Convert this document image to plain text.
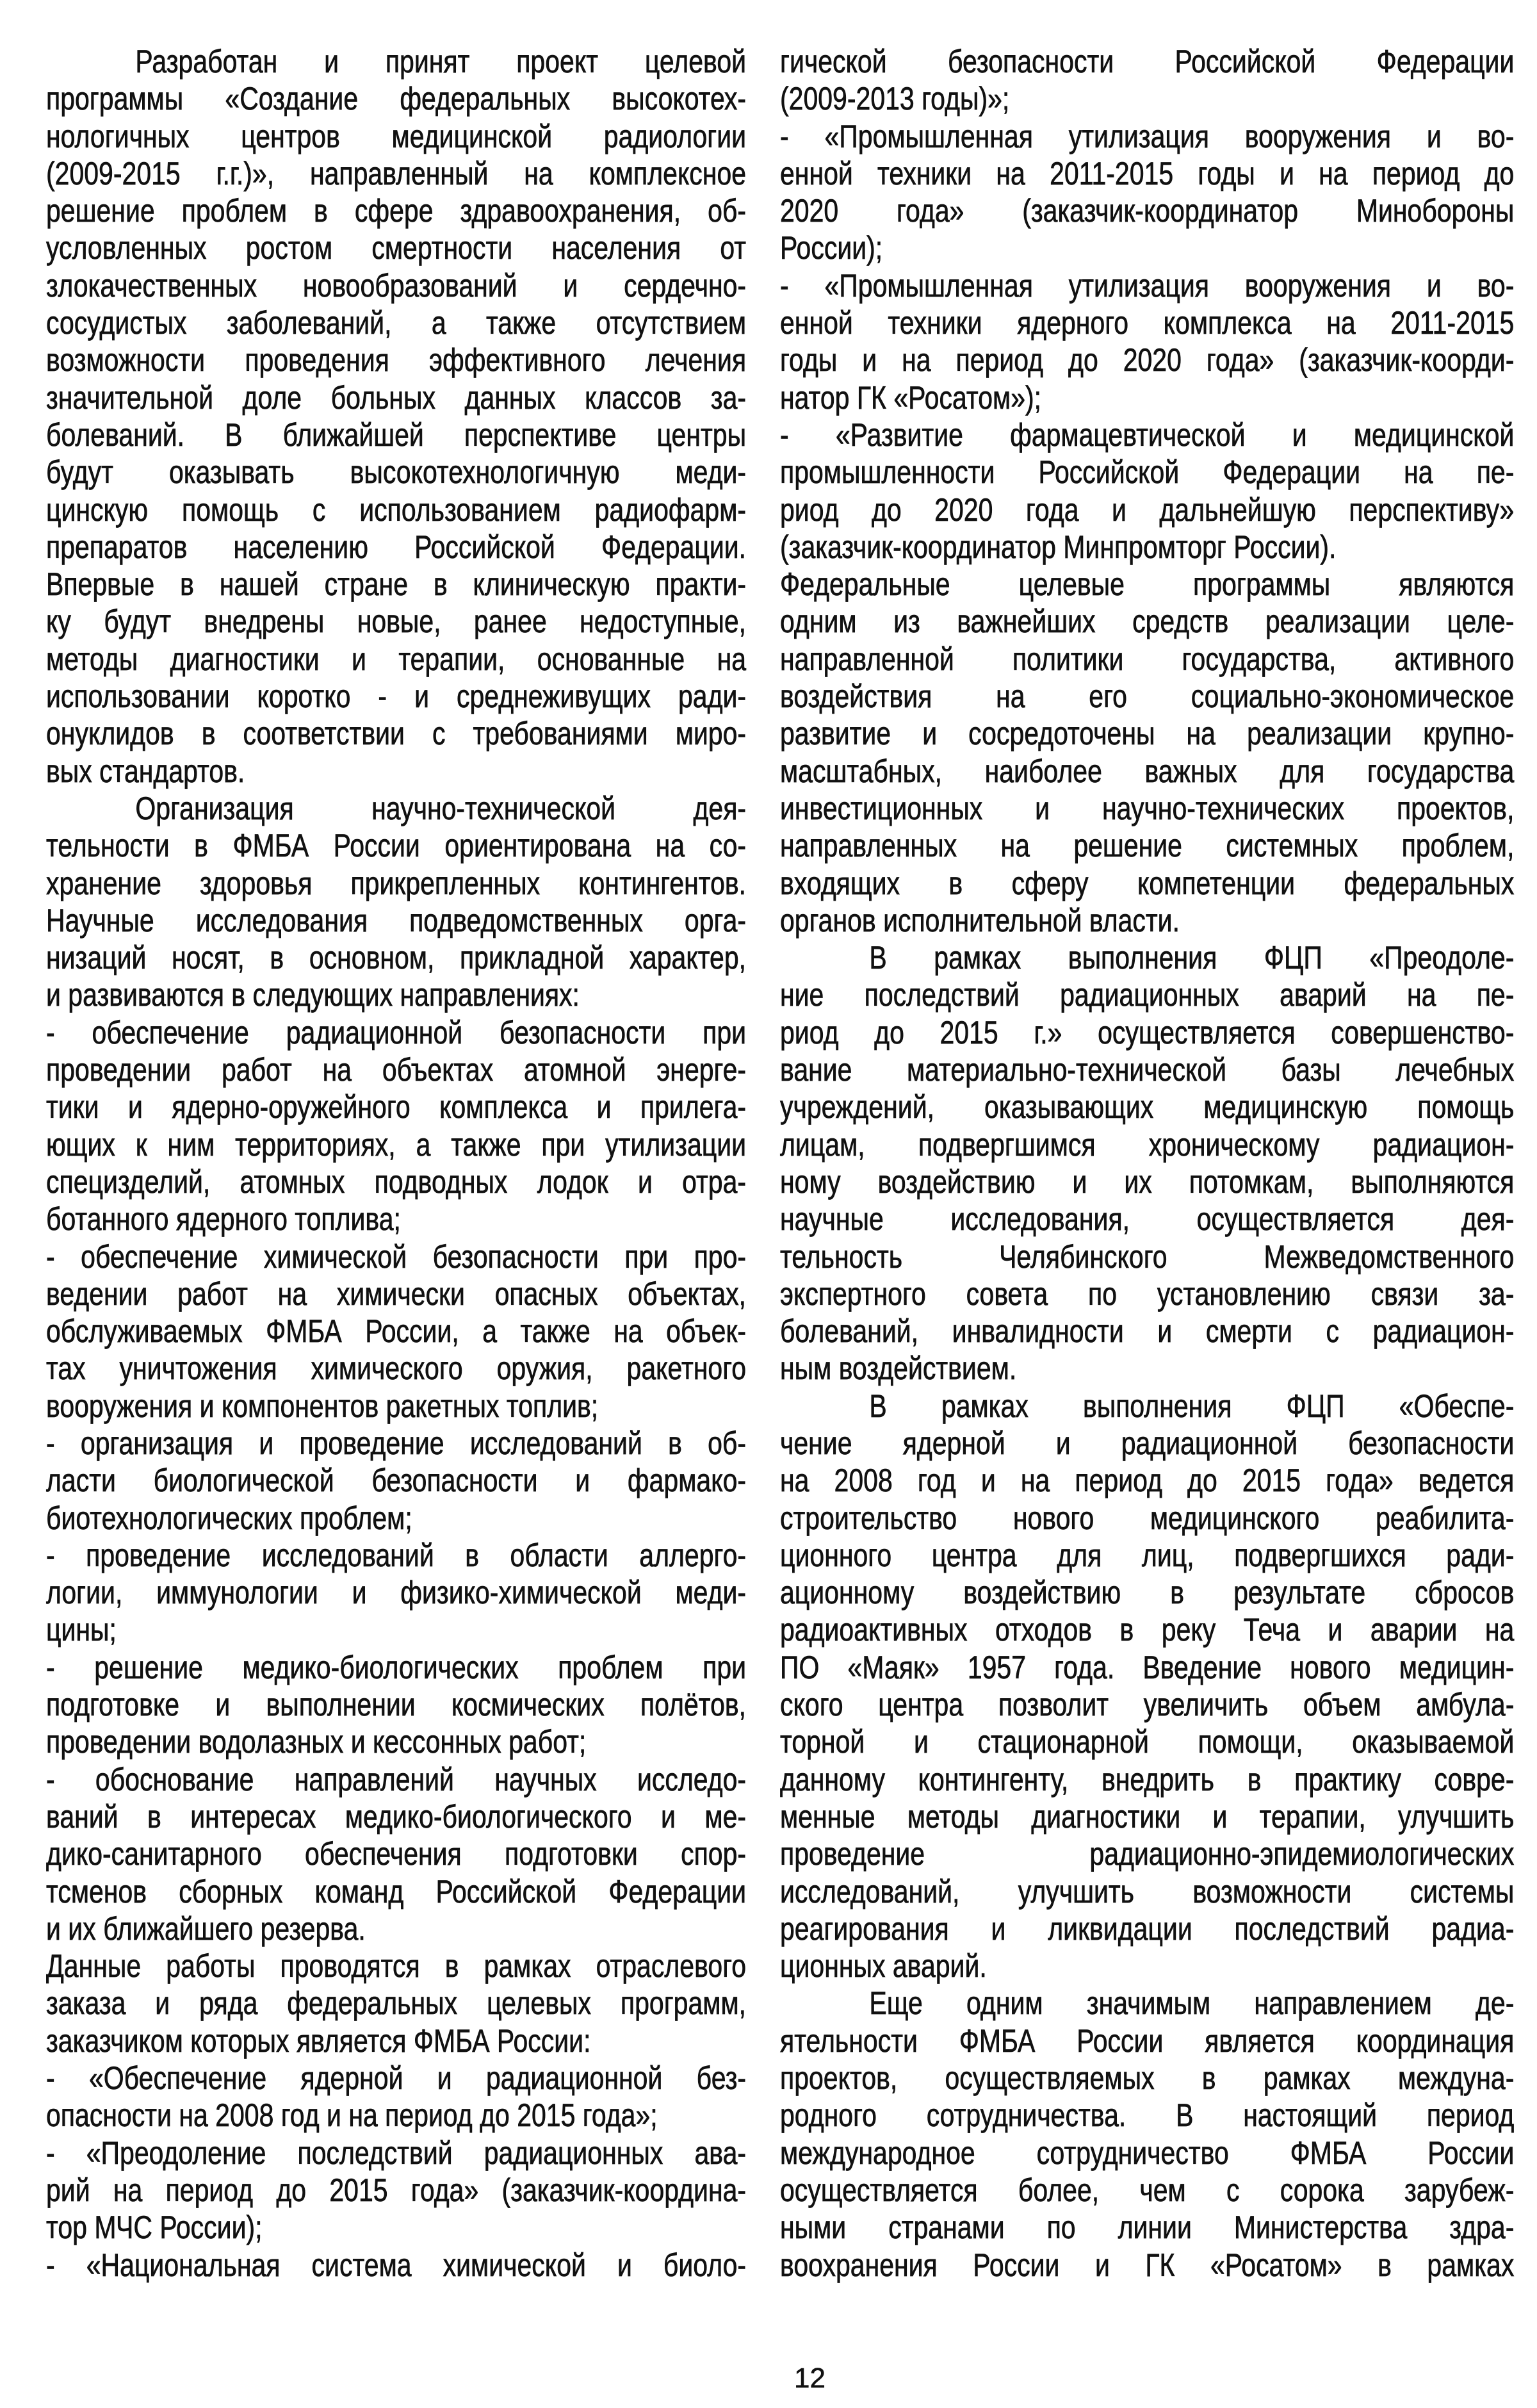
Разработан и принят проект целевой
программы «Создание федеральных высокотех-
нологичных центров медицинской радиологии
(2009-2015 г.г.)», направленный на комплексное
решение проблем в сфере здравоохранения, об-
условленных ростом смертности населения от
злокачественных новообразований и сердечно-
сосудистых заболеваний, а также отсутствием
возможности проведения эффективного лечения
значительной доле больных данных классов за-
болеваний. В ближайшей перспективе центры
будут оказывать высокотехнологичную меди-
цинскую помощь с использованием радиофарм-
препаратов населению Российской Федерации.
Впервые в нашей стране в клиническую практи-
ку будут внедрены новые, ранее недоступные,
методы диагностики и терапии, основанные на
использовании коротко - и среднеживущих ради-
онуклидов в соответствии с требованиями миро-
вых стандартов.
Организация научно-технической дея-
тельности в ФМБА России ориентирована на со-
хранение здоровья прикрепленных контингентов.
Научные исследования подведомственных орга-
низаций носят, в основном, прикладной характер,
и развиваются в следующих направлениях:
- обеспечение радиационной безопасности при
проведении работ на объектах атомной энерге-
тики и ядерно-оружейного комплекса и прилега-
ющих к ним территориях, а также при утилизации
специзделий, атомных подводных лодок и отра-
ботанного ядерного топлива;
- обеспечение химической безопасности при про-
ведении работ на химически опасных объектах,
обслуживаемых ФМБА России, а также на объек-
тах уничтожения химического оружия, ракетного
вооружения и компонентов ракетных топлив;
- организация и проведение исследований в об-
ласти биологической безопасности и фармако-
биотехнологических проблем;
- проведение исследований в области аллерго-
логии, иммунологии и физико-химической меди-
цины;
- решение медико-биологических проблем при
подготовке и выполнении космических полётов,
проведении водолазных и кессонных работ;
- обоснование направлений научных исследо-
ваний в интересах медико-биологического и ме-
дико-санитарного обеспечения подготовки спор-
тсменов сборных команд Российской Федерации
и их ближайшего резерва.
Данные работы проводятся в рамках отраслевого
заказа и ряда федеральных целевых программ,
заказчиком которых является ФМБА России:
- «Обеспечение ядерной и радиационной без-
опасности на 2008 год и на период до 2015 года»;
- «Преодоление последствий радиационных ава-
рий на период до 2015 года» (заказчик-координа-
тор МЧС России);
- «Национальная система химической и биоло-
гической безопасности Российской Федерации
(2009-2013 годы)»;
- «Промышленная утилизация вооружения и во-
енной техники на 2011-2015 годы и на период до
2020 года» (заказчик-координатор Минобороны
России);
- «Промышленная утилизация вооружения и во-
енной техники ядерного комплекса на 2011-2015
годы и на период до 2020 года» (заказчик-коорди-
натор ГК «Росатом»);
- «Развитие фармацевтической и медицинской
промышленности Российской Федерации на пе-
риод до 2020 года и дальнейшую перспективу»
(заказчик-координатор Минпромторг России).
Федеральные целевые программы являются
одним из важнейших средств реализации целе-
направленной политики государства, активного
воздействия на его социально-экономическое
развитие и сосредоточены на реализации крупно-
масштабных, наиболее важных для государства
инвестиционных и научно-технических проектов,
направленных на решение системных проблем,
входящих в сферу компетенции федеральных
органов исполнительной власти.
В рамках выполнения ФЦП «Преодоле-
ние последствий радиационных аварий на пе-
риод до 2015 г.» осуществляется совершенство-
вание материально-технической базы лечебных
учреждений, оказывающих медицинскую помощь
лицам, подвергшимся хроническому радиацион-
ному воздействию и их потомкам, выполняются
научные исследования, осуществляется дея-
тельность Челябинского Межведомственного
экспертного совета по установлению связи за-
болеваний, инвалидности и смерти с радиацион-
ным воздействием.
В рамках выполнения ФЦП «Обеспе-
чение ядерной и радиационной безопасности
на 2008 год и на период до 2015 года» ведется
строительство нового медицинского реабилита-
ционного центра для лиц, подвергшихся ради-
ационному воздействию в результате сбросов
радиоактивных отходов в реку Теча и аварии на
ПО «Маяк» 1957 года. Введение нового медицин-
ского центра позволит увеличить объем амбула-
торной и стационарной помощи, оказываемой
данному контингенту, внедрить в практику совре-
менные методы диагностики и терапии, улучшить
проведение радиационно-эпидемиологических
исследований, улучшить возможности системы
реагирования и ликвидации последствий радиа-
ционных аварий.
Еще одним значимым направлением де-
ятельности ФМБА России является координация
проектов, осуществляемых в рамках междуна-
родного сотрудничества. В настоящий период
международное сотрудничество ФМБА России
осуществляется более, чем с сорока зарубеж-
ными странами по линии Министерства здра-
воохранения России и ГК «Росатом» в рамках
12
